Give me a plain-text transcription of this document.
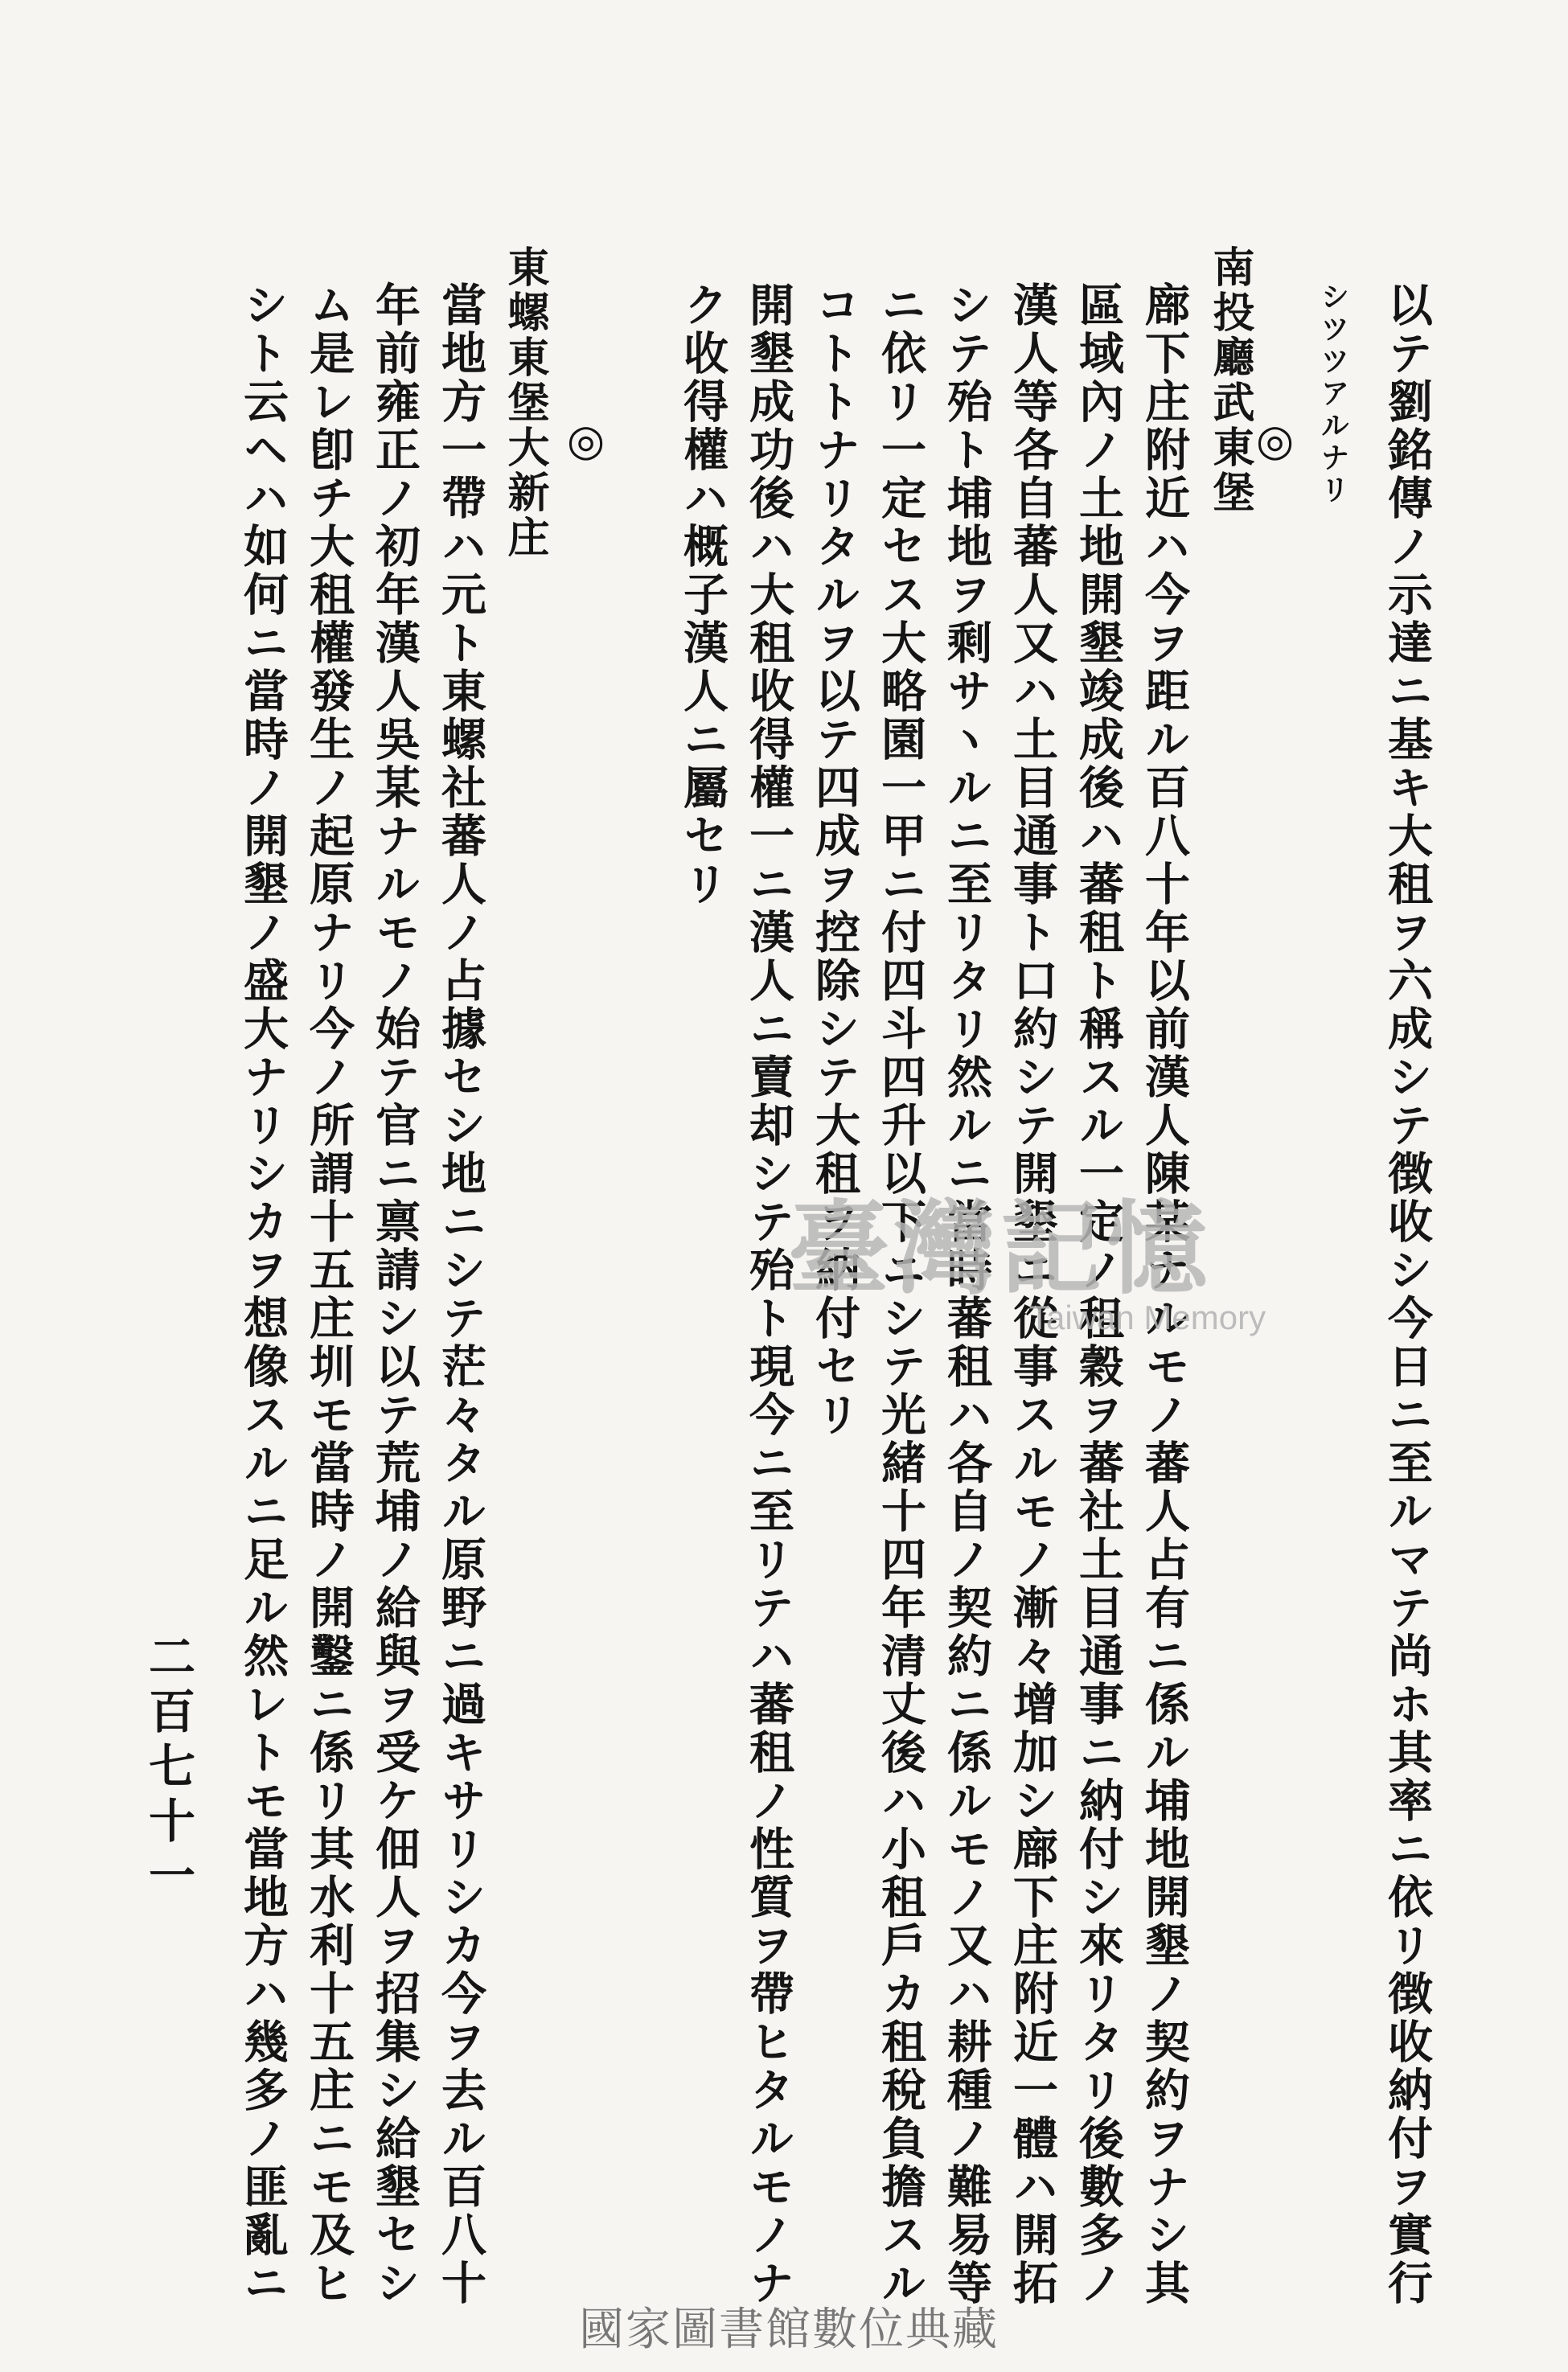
以テ劉銘傳ノ示達ニ基キ大租ヲ六成シテ徴收シ今日ニ至ルマテ尚ホ其率ニ依リ徴收納付ヲ實行
シツツアルナリ
◎
南投廳武東堡
廍下庄附近ハ今ヲ距ル百八十年以前漢人陳某ナルモノ蕃人占有ニ係ル埔地開墾ノ契約ヲナシ其
區域內ノ土地開墾竣成後ハ蕃租ト稱スル一定ノ租穀ヲ蕃社土目通事ニ納付シ來リタリ後數多ノ
漢人等各自蕃人又ハ土目通事ト口約シテ開墾ニ從事スルモノ漸々增加シ廍下庄附近一體ハ開拓
シテ殆ト埔地ヲ剩サヽルニ至リタリ然ルニ當時蕃租ハ各自ノ契約ニ係ルモノ又ハ耕種ノ難易等
ニ依リ一定セス大略園一甲ニ付四斗四升以下ニシテ光緒十四年清丈後ハ小租戶カ租稅負擔スル
コトトナリタルヲ以テ四成ヲ控除シテ大租ヲ納付セリ
開墾成功後ハ大租收得權一ニ漢人ニ賣却シテ殆ト現今ニ至リテハ蕃租ノ性質ヲ帶ヒタルモノナ
ク收得權ハ概子漢人ニ屬セリ
◎
東螺東堡大新庄
當地方一帶ハ元ト東螺社蕃人ノ占據セシ地ニシテ茫々タル原野ニ過キサリシカ今ヲ去ル百八十
年前雍正ノ初年漢人吳某ナルモノ始テ官ニ禀請シ以テ荒埔ノ給與ヲ受ケ佃人ヲ招集シ給墾セシ
ム是レ卽チ大租權發生ノ起原ナリ今ノ所謂十五庄圳モ當時ノ開鑿ニ係リ其水利十五庄ニモ及ヒ
シト云ヘハ如何ニ當時ノ開墾ノ盛大ナリシカヲ想像スルニ足ル然レトモ當地方ハ幾多ノ匪亂ニ
二百七十一
臺灣記憶
Taiwan Memory
國家圖書館數位典藏
